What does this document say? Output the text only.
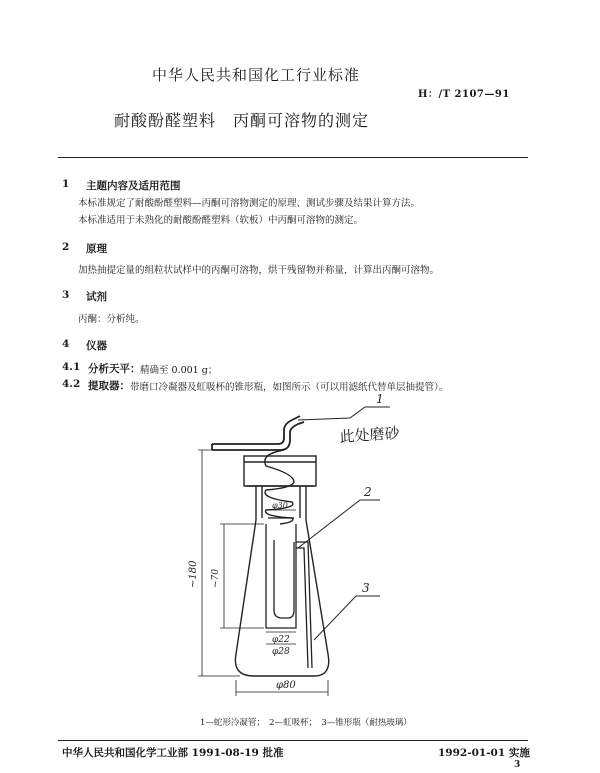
中华人民共和国化工行业标准
H：/T 2107—91
耐酸酚醛塑料　丙酮可溶物的测定
1 主题内容及适用范围
本标准规定了耐酸酚醛塑料—丙酮可溶物测定的原理、测试步骤及结果计算方法。
本标准适用于未熟化的耐酸酚醛塑料（软板）中丙酮可溶物的测定。
2 原理
加热抽提定量的组粒状试样中的丙酮可溶物，烘干残留物并称量，计算出丙酮可溶物。
3 试剂
丙酮：分析纯。
4 仪器
4.1 分析天平： 精确至 0.001 g；
4.2 提取器： 带磨口冷凝器及虹吸杯的锥形瓶，如图所示（可以用滤纸代替单层抽提管）。
1
此处磨砂
2
3
~180 ~70
φ30
φ22
φ28
φ80
1—蛇形冷凝管；　2—虹吸杯；　3—锥形瓶（耐热玻璃）
中华人民共和国化学工业部 1991-08-19 批准	1992-01-01 实施
3
